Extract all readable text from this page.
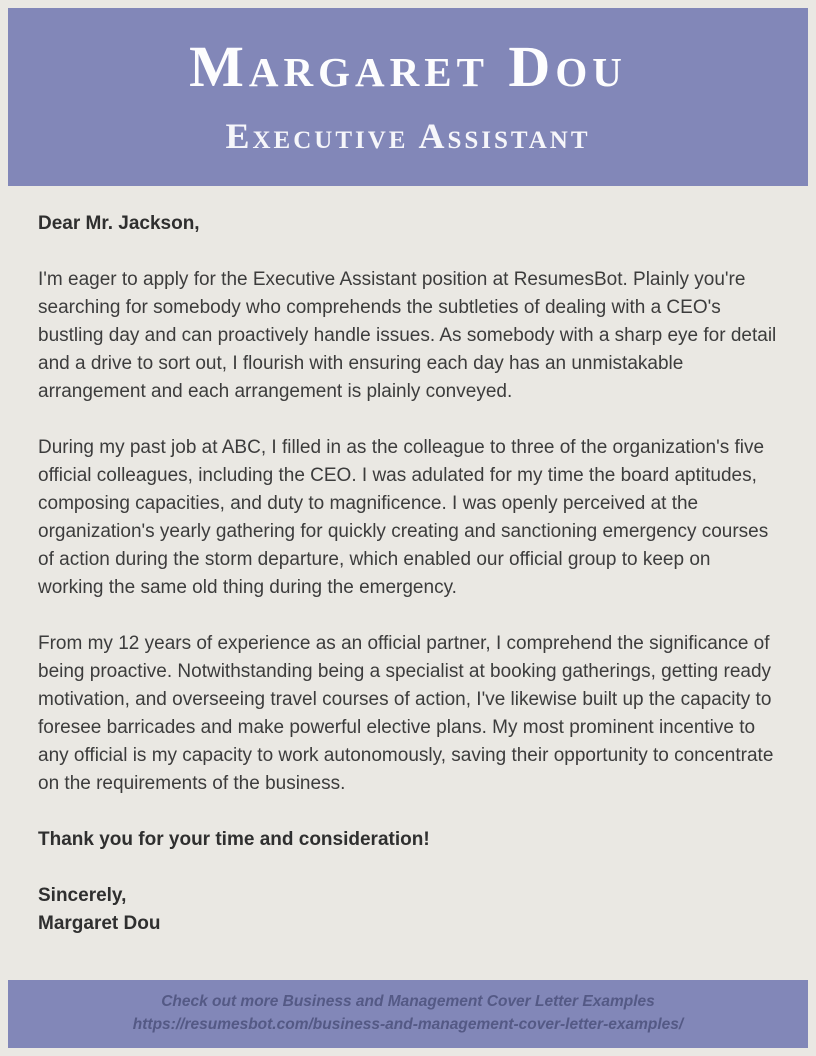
Margaret Dou
Executive Assistant

Dear Mr. Jackson,

I'm eager to apply for the Executive Assistant position at ResumesBot. Plainly you're searching for somebody who comprehends the subtleties of dealing with a CEO's bustling day and can proactively handle issues. As somebody with a sharp eye for detail and a drive to sort out, I flourish with ensuring each day has an unmistakable arrangement and each arrangement is plainly conveyed.

During my past job at ABC, I filled in as the colleague to three of the organization's five official colleagues, including the CEO. I was adulated for my time the board aptitudes, composing capacities, and duty to magnificence. I was openly perceived at the organization's yearly gathering for quickly creating and sanctioning emergency courses of action during the storm departure, which enabled our official group to keep on working the same old thing during the emergency.

From my 12 years of experience as an official partner, I comprehend the significance of being proactive. Notwithstanding being a specialist at booking gatherings, getting ready motivation, and overseeing travel courses of action, I've likewise built up the capacity to foresee barricades and make powerful elective plans. My most prominent incentive to any official is my capacity to work autonomously, saving their opportunity to concentrate on the requirements of the business.

Thank you for your time and consideration!

Sincerely,

Margaret Dou

Check out more Business and Management Cover Letter Examples
https://resumesbot.com/business-and-management-cover-letter-examples/
